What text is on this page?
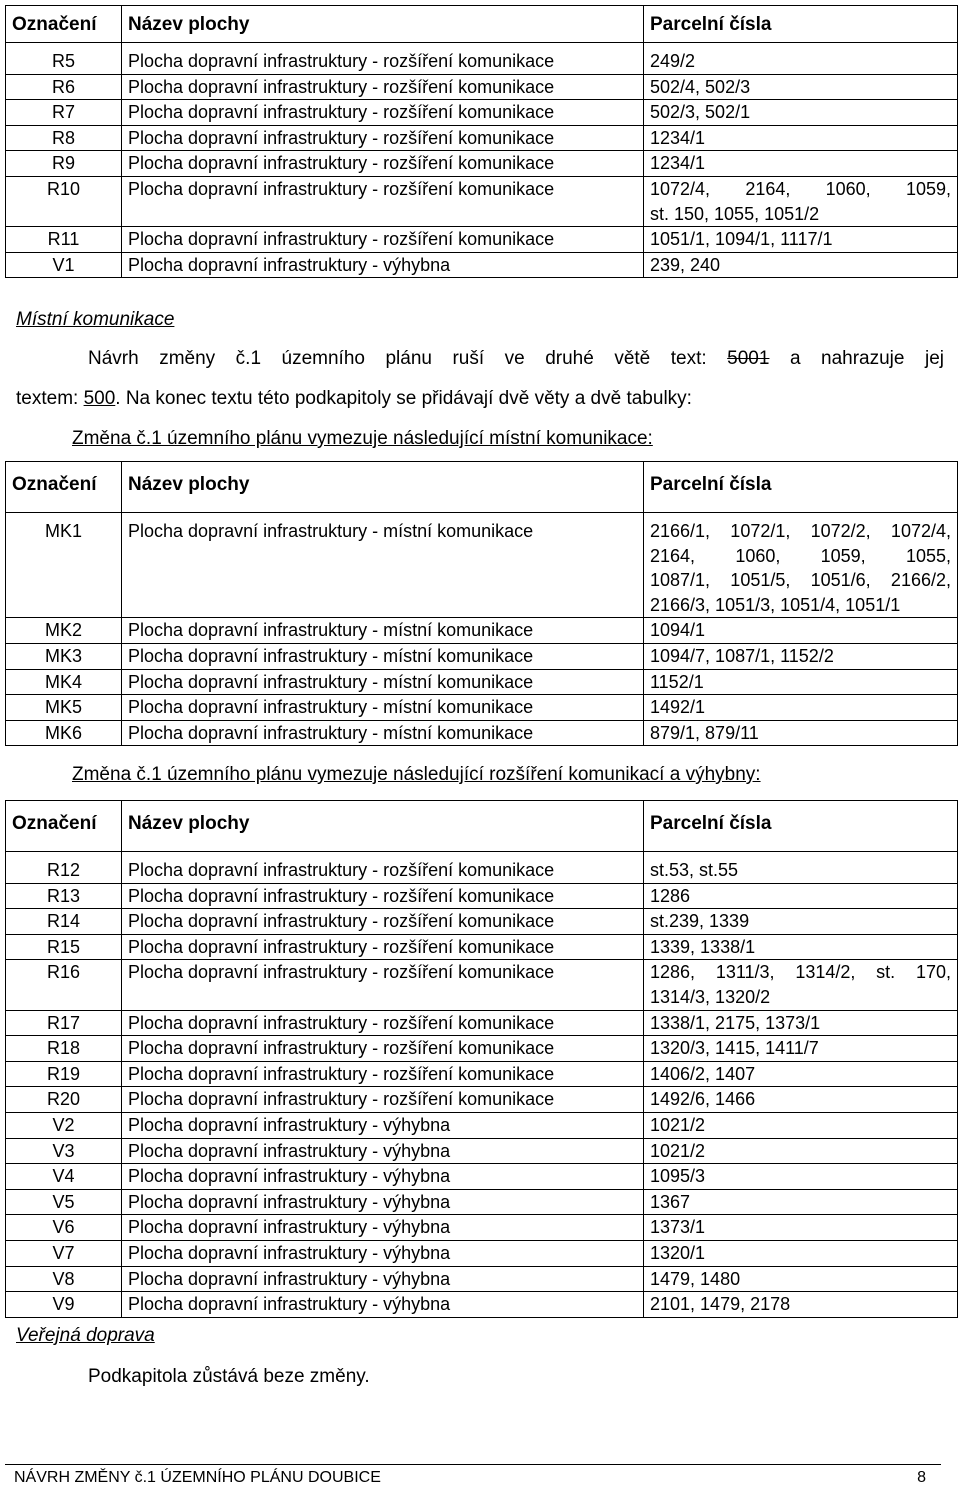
Označení	Název plochy	Parcelní čísla
R5	Plocha dopravní infrastruktury - rozšíření komunikace	249/2

R6	Plocha dopravní infrastruktury - rozšíření komunikace	502/4, 502/3

R7	Plocha dopravní infrastruktury - rozšíření komunikace	502/3, 502/1

R8	Plocha dopravní infrastruktury - rozšíření komunikace	1234/1

R9	Plocha dopravní infrastruktury - rozšíření komunikace	1234/1

R10	Plocha dopravní infrastruktury - rozšíření komunikace	1072/4, 2164, 1060, 1059,
st. 150, 1055, 1051/2

R11	Plocha dopravní infrastruktury - rozšíření komunikace	1051/1, 1094/1, 1117/1

V1	Plocha dopravní infrastruktury - výhybna	239, 240
Místní komunikace
Návrh změny č.1 územního plánu ruší ve druhé větě text: 5001 a nahrazuje jej
textem: 500. Na konec textu této podkapitoly se přidávají dvě věty a dvě tabulky:
Změna č.1 územního plánu vymezuje následující místní komunikace:
Označení	Název plochy	Parcelní čísla
MK1	Plocha dopravní infrastruktury - místní komunikace	2166/1, 1072/1, 1072/2, 1072/4,
2164, 1060, 1059, 1055,
1087/1, 1051/5, 1051/6, 2166/2,
2166/3, 1051/3, 1051/4, 1051/1

MK2	Plocha dopravní infrastruktury - místní komunikace	1094/1

MK3	Plocha dopravní infrastruktury - místní komunikace	1094/7, 1087/1, 1152/2

MK4	Plocha dopravní infrastruktury - místní komunikace	1152/1

MK5	Plocha dopravní infrastruktury - místní komunikace	1492/1

MK6	Plocha dopravní infrastruktury - místní komunikace	879/1, 879/11
Změna č.1 územního plánu vymezuje následující rozšíření komunikací a výhybny:
Označení	Název plochy	Parcelní čísla
R12	Plocha dopravní infrastruktury - rozšíření komunikace	st.53, st.55

R13	Plocha dopravní infrastruktury - rozšíření komunikace	1286

R14	Plocha dopravní infrastruktury - rozšíření komunikace	st.239, 1339

R15	Plocha dopravní infrastruktury - rozšíření komunikace	1339, 1338/1

R16	Plocha dopravní infrastruktury - rozšíření komunikace	1286, 1311/3, 1314/2, st. 170,
1314/3, 1320/2

R17	Plocha dopravní infrastruktury - rozšíření komunikace	1338/1, 2175, 1373/1

R18	Plocha dopravní infrastruktury - rozšíření komunikace	1320/3, 1415, 1411/7

R19	Plocha dopravní infrastruktury - rozšíření komunikace	1406/2, 1407

R20	Plocha dopravní infrastruktury - rozšíření komunikace	1492/6, 1466

V2	Plocha dopravní infrastruktury - výhybna	1021/2

V3	Plocha dopravní infrastruktury - výhybna	1021/2

V4	Plocha dopravní infrastruktury - výhybna	1095/3

V5	Plocha dopravní infrastruktury - výhybna	1367

V6	Plocha dopravní infrastruktury - výhybna	1373/1

V7	Plocha dopravní infrastruktury - výhybna	1320/1

V8	Plocha dopravní infrastruktury - výhybna	1479, 1480

V9	Plocha dopravní infrastruktury - výhybna	2101, 1479, 2178
Veřejná doprava
Podkapitola zůstává beze změny.
NÁVRH ZMĚNY č.1 ÚZEMNÍHO PLÁNU DOUBICE	8
